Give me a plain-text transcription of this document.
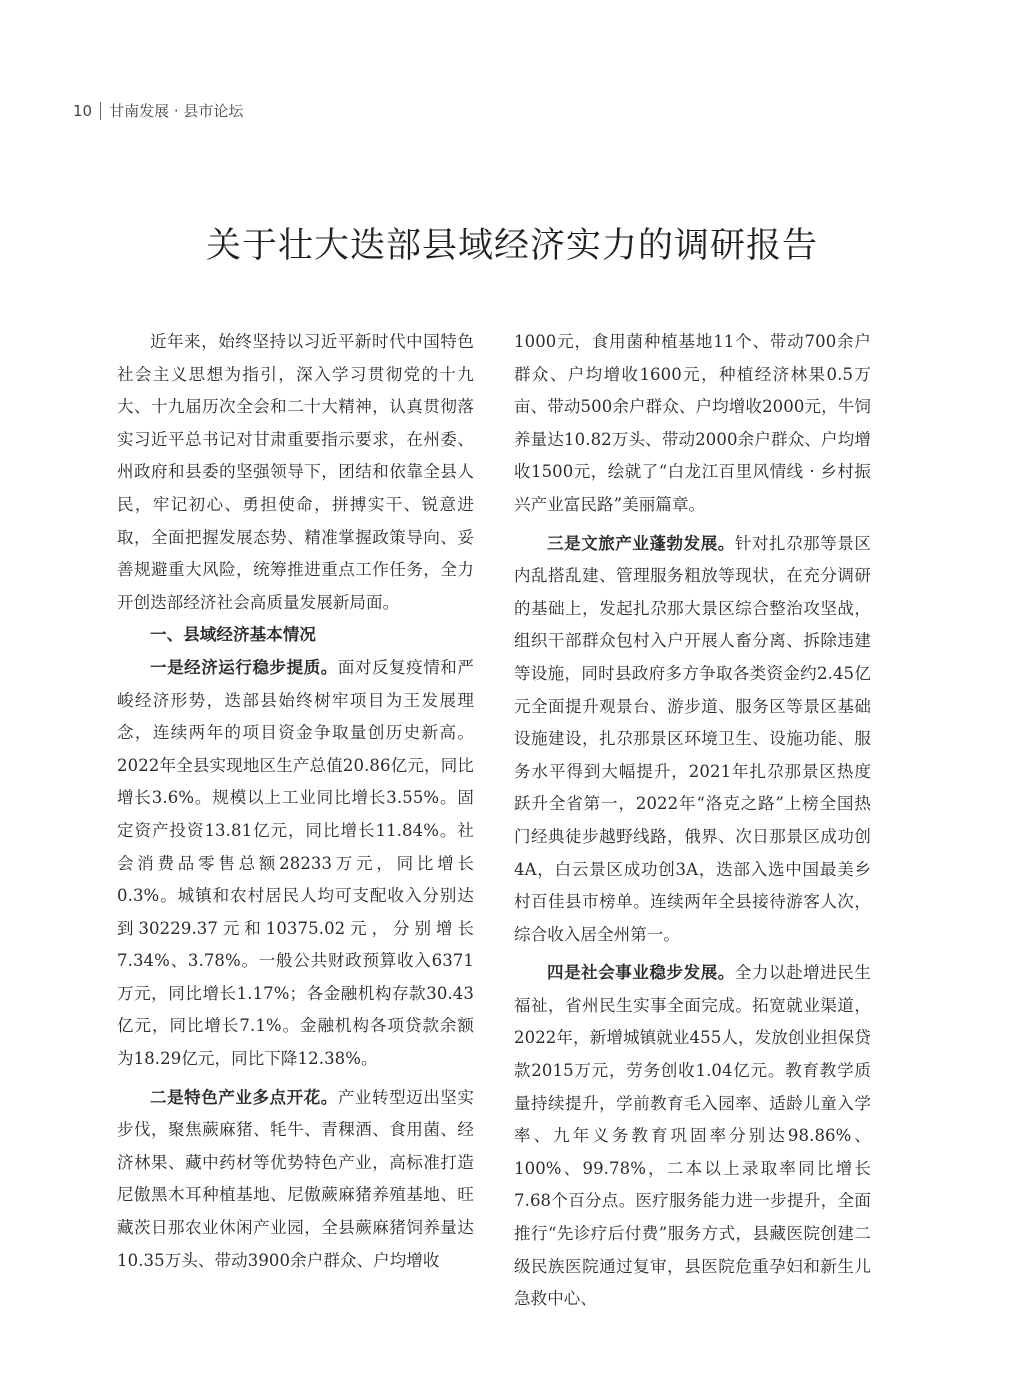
10 甘南发展 · 县市论坛
关于壮大迭部县域经济实力的调研报告

近年来，始终坚持以习近平新时代中国特色社会主义思想为指引，深入学习贯彻党的十九大、十九届历次全会和二十大精神，认真贯彻落实习近平总书记对甘肃重要指示要求，在州委、州政府和县委的坚强领导下，团结和依靠全县人民，牢记初心、勇担使命，拼搏实干、锐意进取，全面把握发展态势、精准掌握政策导向、妥善规避重大风险，统筹推进重点工作任务，全力开创迭部经济社会高质量发展新局面。

一、县域经济基本情况

一是经济运行稳步提质。面对反复疫情和严峻经济形势，迭部县始终树牢项目为王发展理念，连续两年的项目资金争取量创历史新高。2022年全县实现地区生产总值20.86亿元，同比增长3.6%。规模以上工业同比增长3.55%。固定资产投资13.81亿元，同比增长11.84%。社会消费品零售总额28233万元，同比增长0.3%。城镇和农村居民人均可支配收入分别达到30229.37元和10375.02元，分别增长7.34%、3.78%。一般公共财政预算收入6371万元，同比增长1.17%；各金融机构存款30.43亿元，同比增长7.1%。金融机构各项贷款余额为18.29亿元，同比下降12.38%。

二是特色产业多点开花。产业转型迈出坚实步伐，聚焦蕨麻猪、牦牛、青稞酒、食用菌、经济林果、藏中药材等优势特色产业，高标准打造尼傲黑木耳种植基地、尼傲蕨麻猪养殖基地、旺藏茨日那农业休闲产业园，全县蕨麻猪饲养量达10.35万头、带动3900余户群众、户均增收

1000元，食用菌种植基地11个、带动700余户群众、户均增收1600元，种植经济林果0.5万亩、带动500余户群众、户均增收2000元，牛饲养量达10.82万头、带动2000余户群众、户均增收1500元，绘就了“白龙江百里风情线 · 乡村振兴产业富民路”美丽篇章。

三是文旅产业蓬勃发展。针对扎尕那等景区内乱搭乱建、管理服务粗放等现状，在充分调研的基础上，发起扎尕那大景区综合整治攻坚战，组织干部群众包村入户开展人畜分离、拆除违建等设施，同时县政府多方争取各类资金约2.45亿元全面提升观景台、游步道、服务区等景区基础设施建设，扎尕那景区环境卫生、设施功能、服务水平得到大幅提升，2021年扎尕那景区热度跃升全省第一，2022年“洛克之路”上榜全国热门经典徒步越野线路，俄界、次日那景区成功创4A，白云景区成功创3A，迭部入选中国最美乡村百佳县市榜单。连续两年全县接待游客人次，综合收入居全州第一。

四是社会事业稳步发展。全力以赴增进民生福祉，省州民生实事全面完成。拓宽就业渠道，2022年，新增城镇就业455人，发放创业担保贷款2015万元，劳务创收1.04亿元。教育教学质量持续提升，学前教育毛入园率、适龄儿童入学率、九年义务教育巩固率分别达98.86%、100%、99.78%，二本以上录取率同比增长7.68个百分点。医疗服务能力进一步提升，全面推行“先诊疗后付费”服务方式，县藏医院创建二级民族医院通过复审，县医院危重孕妇和新生儿急救中心、
